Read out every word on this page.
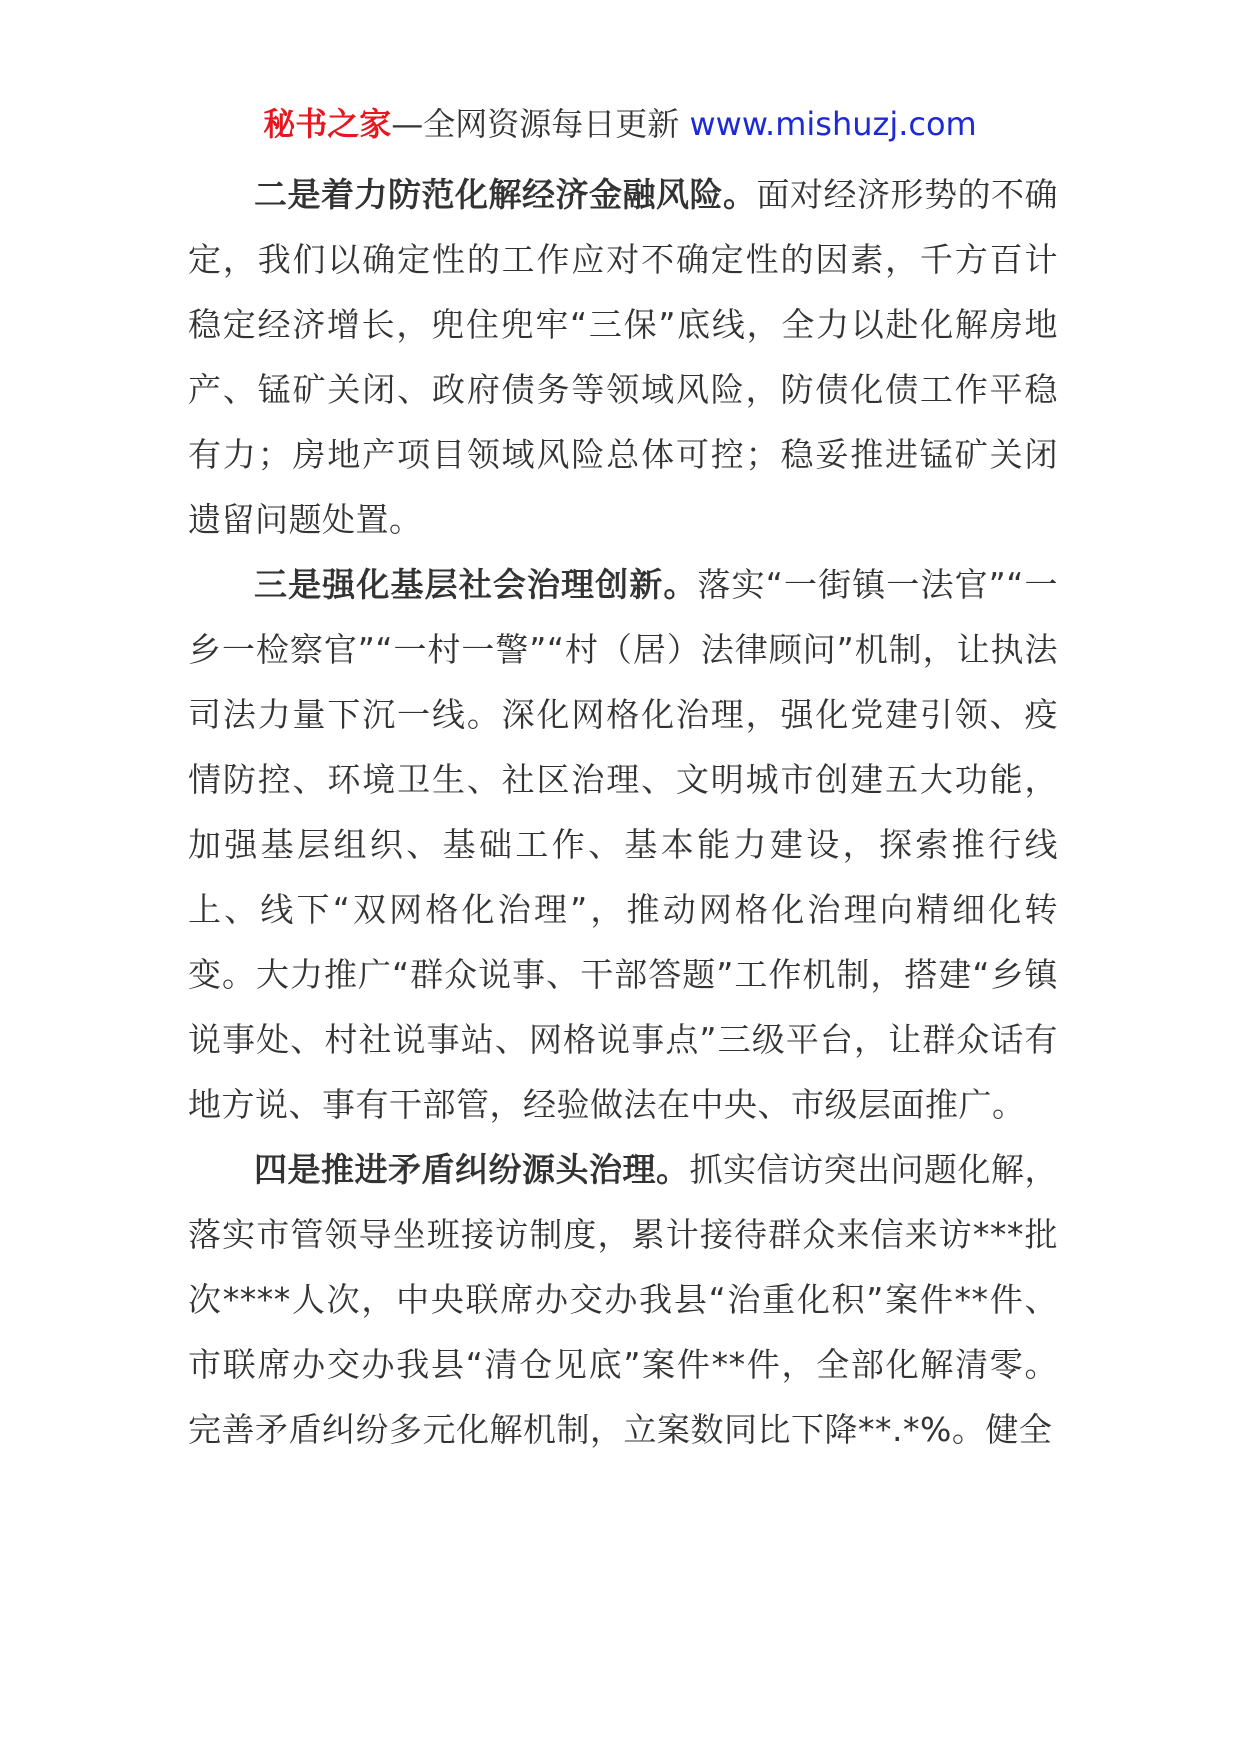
秘书之家—全网资源每日更新 www.mishuzj.com

二是着力防范化解经济金融风险。面对经济形势的不确定，我们以确定性的工作应对不确定性的因素，千方百计稳定经济增长，兜住兜牢“三保”底线，全力以赴化解房地产、锰矿关闭、政府债务等领域风险，防债化债工作平稳有力；房地产项目领域风险总体可控；稳妥推进锰矿关闭遗留问题处置。

三是强化基层社会治理创新。落实“一街镇一法官”“一乡一检察官”“一村一警”“村（居）法律顾问”机制，让执法司法力量下沉一线。深化网格化治理，强化党建引领、疫情防控、环境卫生、社区治理、文明城市创建五大功能，加强基层组织、基础工作、基本能力建设，探索推行线上、线下“双网格化治理”，推动网格化治理向精细化转变。大力推广“群众说事、干部答题”工作机制，搭建“乡镇说事处、村社说事站、网格说事点”三级平台，让群众话有地方说、事有干部管，经验做法在中央、市级层面推广。

四是推进矛盾纠纷源头治理。抓实信访突出问题化解，落实市管领导坐班接访制度，累计接待群众来信来访***批次****人次，中央联席办交办我县“治重化积”案件**件、市联席办交办我县“清仓见底”案件**件，全部化解清零。完善矛盾纠纷多元化解机制，立案数同比下降**.*%。健全
